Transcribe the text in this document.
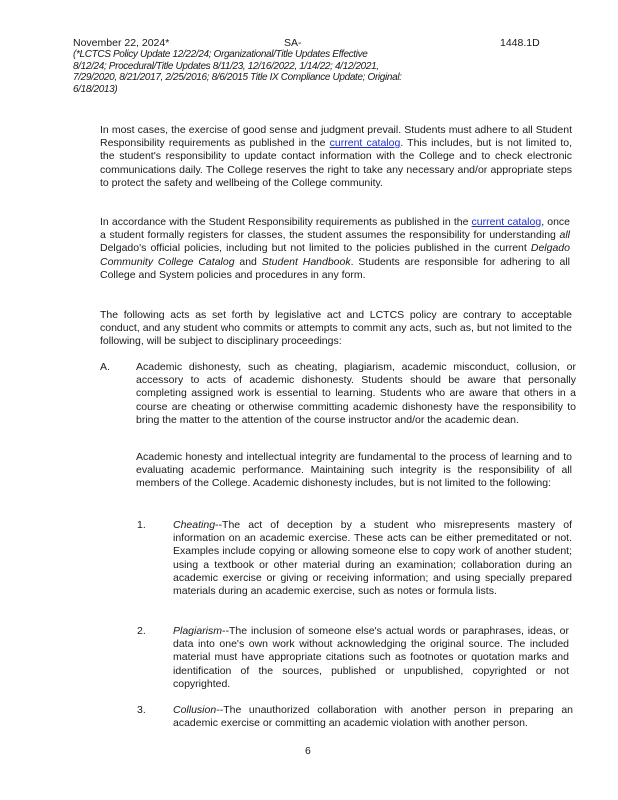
November 22, 2024*	SA-	1448.1D
(*LCTCS Policy Update 12/22/24; Organizational/Title Updates Effective 8/12/24; Procedural/Title Updates 8/11/23, 12/16/2022, 1/14/22; 4/12/2021, 7/29/2020, 8/21/2017, 2/25/2016; 8/6/2015 Title IX Compliance Update; Original: 6/18/2013)
In most cases, the exercise of good sense and judgment prevail. Students must adhere to all Student Responsibility requirements as published in the current catalog. This includes, but is not limited to, the student's responsibility to update contact information with the College and to check electronic communications daily. The College reserves the right to take any necessary and/or appropriate steps to protect the safety and wellbeing of the College community.
In accordance with the Student Responsibility requirements as published in the current catalog, once a student formally registers for classes, the student assumes the responsibility for understanding all Delgado's official policies, including but not limited to the policies published in the current Delgado Community College Catalog and Student Handbook. Students are responsible for adhering to all College and System policies and procedures in any form.
The following acts as set forth by legislative act and LCTCS policy are contrary to acceptable conduct, and any student who commits or attempts to commit any acts, such as, but not limited to the following, will be subject to disciplinary proceedings:
A. Academic dishonesty, such as cheating, plagiarism, academic misconduct, collusion, or accessory to acts of academic dishonesty. Students should be aware that personally completing assigned work is essential to learning. Students who are aware that others in a course are cheating or otherwise committing academic dishonesty have the responsibility to bring the matter to the attention of the course instructor and/or the academic dean.
Academic honesty and intellectual integrity are fundamental to the process of learning and to evaluating academic performance. Maintaining such integrity is the responsibility of all members of the College. Academic dishonesty includes, but is not limited to the following:
1.	Cheating--The act of deception by a student who misrepresents mastery of information on an academic exercise. These acts can be either premeditated or not. Examples include copying or allowing someone else to copy work of another student; using a textbook or other material during an examination; collaboration during an academic exercise or giving or receiving information; and using specially prepared materials during an academic exercise, such as notes or formula lists.
2.	Plagiarism--The inclusion of someone else's actual words or paraphrases, ideas, or data into one's own work without acknowledging the original source. The included material must have appropriate citations such as footnotes or quotation marks and identification of the sources, published or unpublished, copyrighted or not copyrighted.
3.	Collusion--The unauthorized collaboration with another person in preparing an academic exercise or committing an academic violation with another person.
6
